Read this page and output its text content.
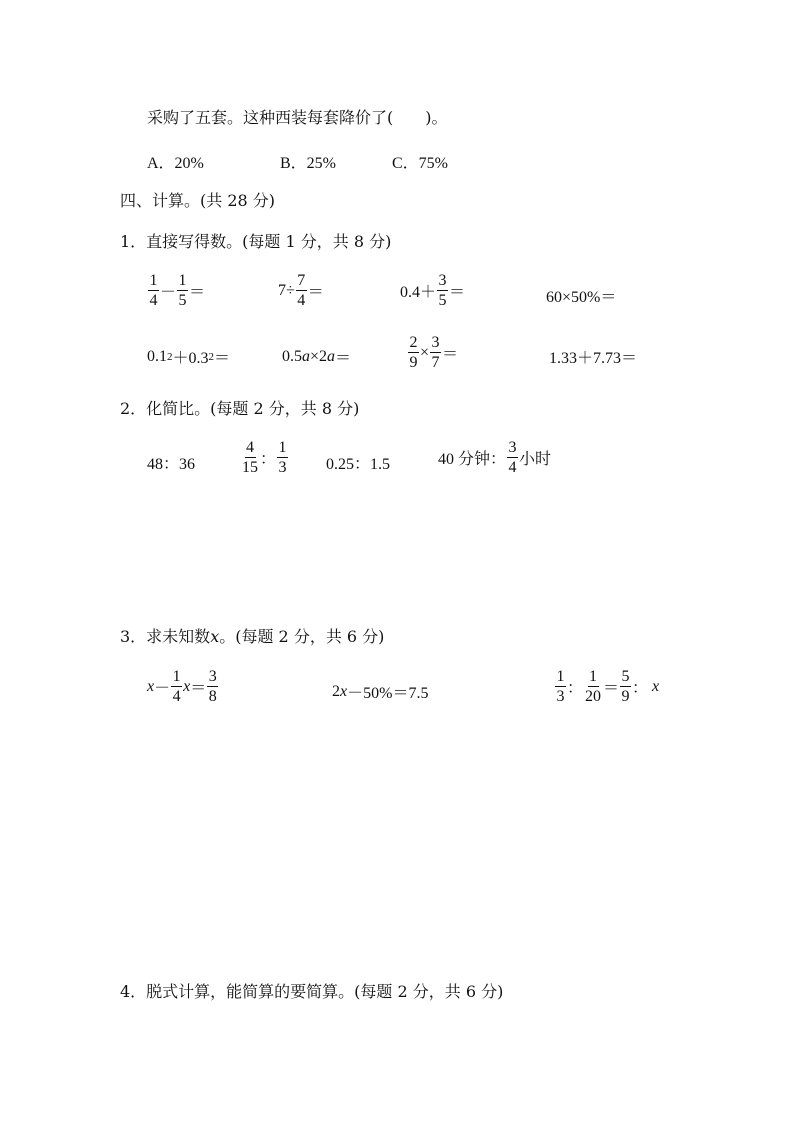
采购了五套。这种西装每套降价了(　　)。
A．20%	B．25%	C．75%
四、计算。(共 28 分)
1．直接写得数。(每题 1 分，共 8 分)
$\frac{1}{4} - \frac{1}{5}$ ＝	$7\div \frac{7}{4}$ ＝	$0.4+ \frac{3}{5}$ ＝	60×50%＝
0.1 2 ＋0.3 2 ＝	0.5 a ×2 a ＝	$\frac{2}{9} \times \frac{3}{7}$ ＝	1.33＋7.73＝
2．化简比。(每题 2 分，共 8 分)
48：36	$\frac{4}{15}$ ： $\frac{1}{3} 0.25$：1.5	40 分钟： $\frac{3}{4}$ 小时
3．求未知数x。(每题 2 分，共 6 分)
$x - \frac{1}{4}$ $x = \frac{3}{8}$	2 x －50%＝7.5	$\frac{1}{3}$ ： $\frac{1}{20} = \frac{5}{9}$ ： x
4．脱式计算，能简算的要简算。(每题 2 分，共 6 分)
